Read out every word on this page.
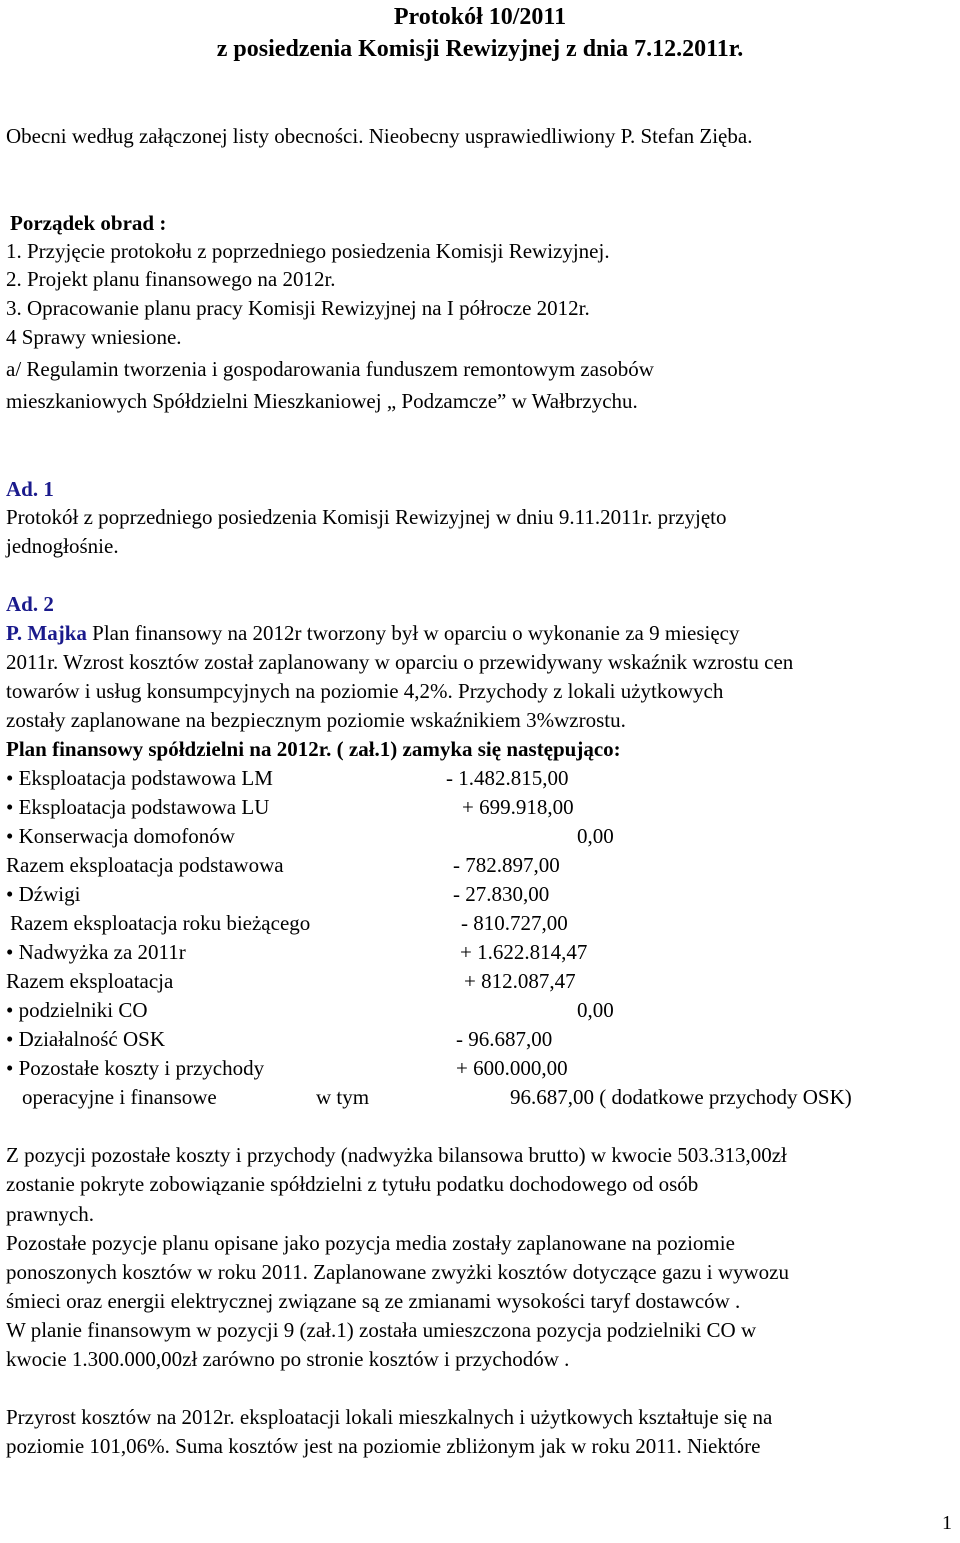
Protokół 10/2011
z posiedzenia Komisji Rewizyjnej z dnia 7.12.2011r.
Obecni według załączonej listy obecności. Nieobecny usprawiedliwiony P. Stefan Zięba.
Porządek obrad :
1. Przyjęcie protokołu z poprzedniego posiedzenia Komisji Rewizyjnej.
2. Projekt planu finansowego na 2012r.
3. Opracowanie planu pracy Komisji Rewizyjnej na I półrocze 2012r.
4 Sprawy wniesione.
a/ Regulamin tworzenia i gospodarowania funduszem remontowym zasobów
mieszkaniowych Spółdzielni Mieszkaniowej „ Podzamcze” w Wałbrzychu.
Ad. 1
Protokół z poprzedniego posiedzenia Komisji Rewizyjnej w dniu 9.11.2011r. przyjęto
jednogłośnie.
Ad. 2
P. Majka Plan finansowy na 2012r tworzony był w oparciu o wykonanie za 9 miesięcy
2011r. Wzrost kosztów został zaplanowany w oparciu o przewidywany wskaźnik wzrostu cen
towarów i usług konsumpcyjnych na poziomie 4,2%. Przychody z lokali użytkowych
zostały zaplanowane na bezpiecznym poziomie wskaźnikiem 3%wzrostu.
Plan finansowy spółdzielni na 2012r. ( zał.1) zamyka się następująco:
• Eksploatacja podstawowa LM	- 1.482.815,00
• Eksploatacja podstawowa LU	+ 699.918,00
• Konserwacja domofonów	0,00
Razem eksploatacja podstawowa	- 782.897,00
• Dźwigi	- 27.830,00
Razem eksploatacja roku bieżącego	- 810.727,00
• Nadwyżka za 2011r	+ 1.622.814,47
Razem eksploatacja	+ 812.087,47
• podzielniki CO	0,00
• Działalność OSK	- 96.687,00
• Pozostałe koszty i przychody	+ 600.000,00
operacyjne i finansowe	w tym	96.687,00 ( dodatkowe przychody OSK)
Z pozycji pozostałe koszty i przychody (nadwyżka bilansowa brutto) w kwocie 503.313,00zł
zostanie pokryte zobowiązanie spółdzielni z tytułu podatku dochodowego od osób
prawnych.
Pozostałe pozycje planu opisane jako pozycja media zostały zaplanowane na poziomie
ponoszonych kosztów w roku 2011. Zaplanowane zwyżki kosztów dotyczące gazu i wywozu
śmieci oraz energii elektrycznej związane są ze zmianami wysokości taryf dostawców .
W planie finansowym w pozycji 9 (zał.1) została umieszczona pozycja podzielniki CO w
kwocie 1.300.000,00zł zarówno po stronie kosztów i przychodów .
Przyrost kosztów na 2012r. eksploatacji lokali mieszkalnych i użytkowych kształtuje się na
poziomie 101,06%. Suma kosztów jest na poziomie zbliżonym jak w roku 2011. Niektóre
1
